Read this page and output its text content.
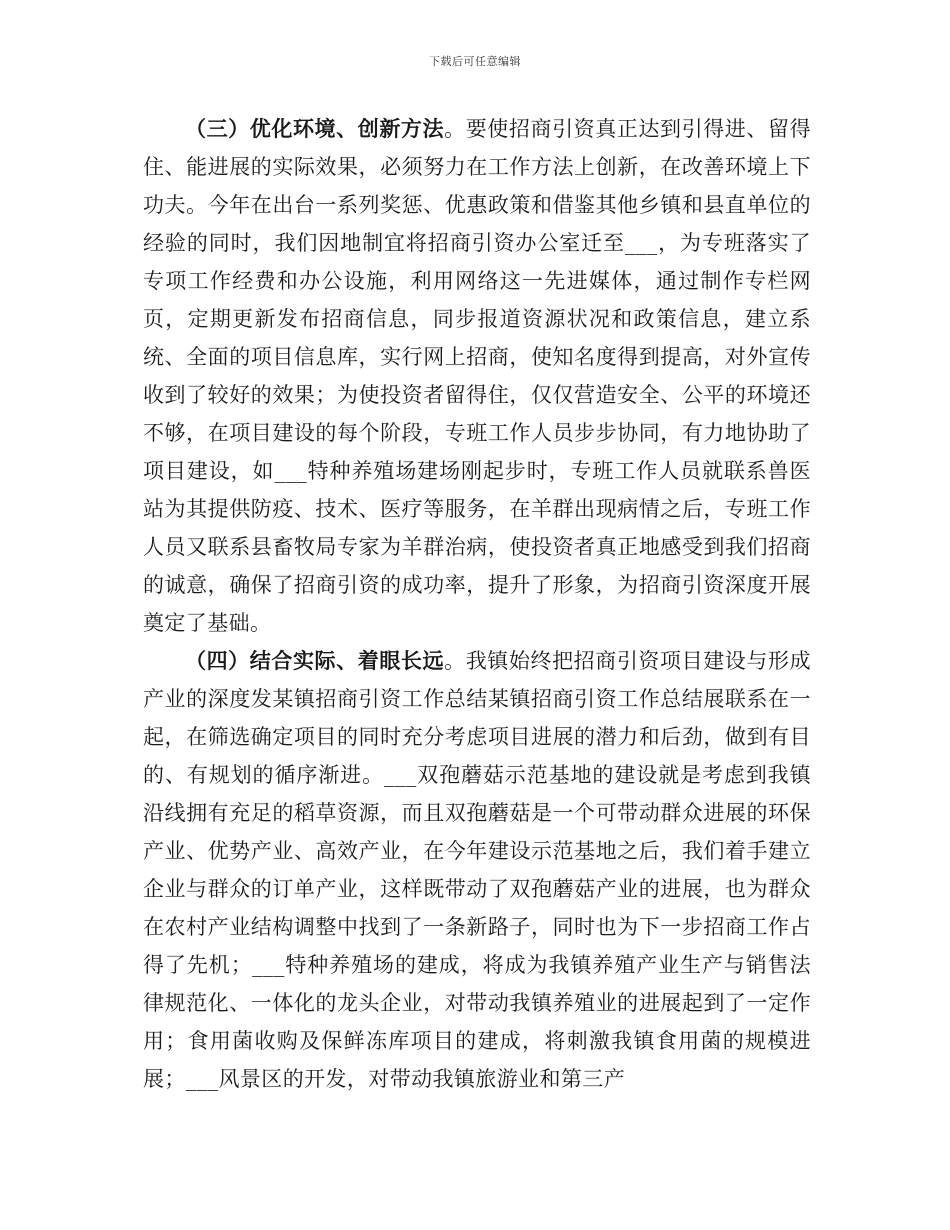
下载后可任意编辑

（三）优化环境、创新方法。要使招商引资真正达到引得进、留得住、能进展的实际效果，必须努力在工作方法上创新，在改善环境上下功夫。今年在出台一系列奖惩、优惠政策和借鉴其他乡镇和县直单位的经验的同时，我们因地制宜将招商引资办公室迁至___，为专班落实了专项工作经费和办公设施，利用网络这一先进媒体，通过制作专栏网页，定期更新发布招商信息，同步报道资源状况和政策信息，建立系统、全面的项目信息库，实行网上招商，使知名度得到提高，对外宣传收到了较好的效果；为使投资者留得住，仅仅营造安全、公平的环境还不够，在项目建设的每个阶段，专班工作人员步步协同，有力地协助了项目建设，如___特种养殖场建场刚起步时，专班工作人员就联系兽医站为其提供防疫、技术、医疗等服务，在羊群出现病情之后，专班工作人员又联系县畜牧局专家为羊群治病，使投资者真正地感受到我们招商的诚意，确保了招商引资的成功率，提升了形象，为招商引资深度开展奠定了基础。

（四）结合实际、着眼长远。我镇始终把招商引资项目建设与形成产业的深度发某镇招商引资工作总结某镇招商引资工作总结展联系在一起，在筛选确定项目的同时充分考虑项目进展的潜力和后劲，做到有目的、有规划的循序渐进。___双孢蘑菇示范基地的建设就是考虑到我镇沿线拥有充足的稻草资源，而且双孢蘑菇是一个可带动群众进展的环保产业、优势产业、高效产业，在今年建设示范基地之后，我们着手建立企业与群众的订单产业，这样既带动了双孢蘑菇产业的进展，也为群众在农村产业结构调整中找到了一条新路子，同时也为下一步招商工作占得了先机；___特种养殖场的建成，将成为我镇养殖产业生产与销售法律规范化、一体化的龙头企业，对带动我镇养殖业的进展起到了一定作用；食用菌收购及保鲜冻库项目的建成，将刺激我镇食用菌的规模进展；___风景区的开发，对带动我镇旅游业和第三产
